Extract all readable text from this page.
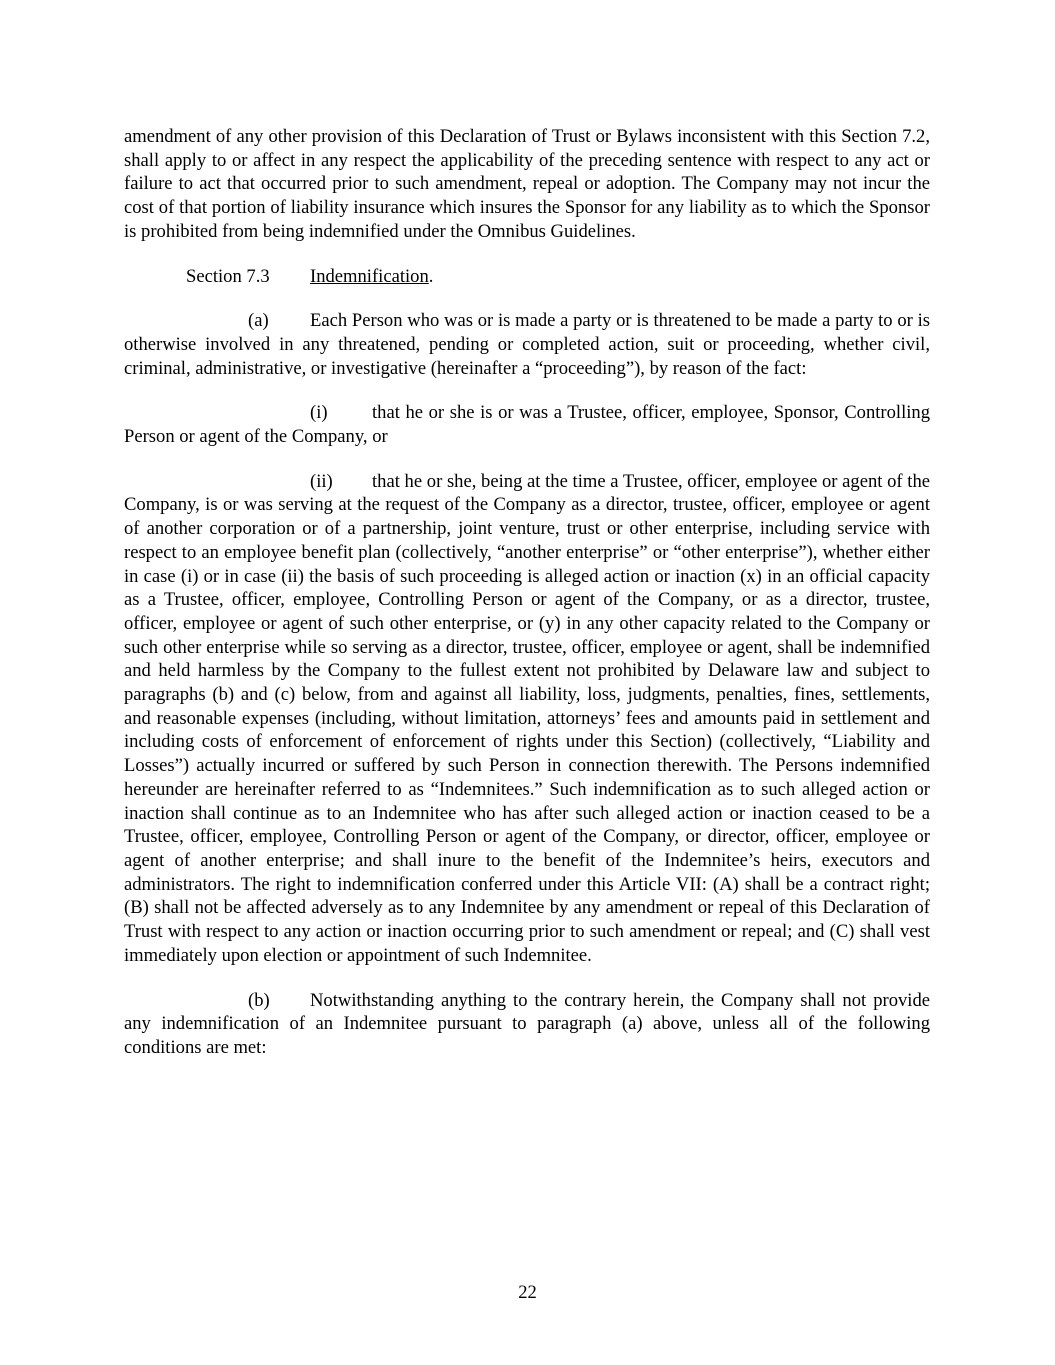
amendment of any other provision of this Declaration of Trust or Bylaws inconsistent with this Section 7.2, shall apply to or affect in any respect the applicability of the preceding sentence with respect to any act or failure to act that occurred prior to such amendment, repeal or adoption. The Company may not incur the cost of that portion of liability insurance which insures the Sponsor for any liability as to which the Sponsor is prohibited from being indemnified under the Omnibus Guidelines.

Section 7.3 Indemnification.

(a) Each Person who was or is made a party or is threatened to be made a party to or is otherwise involved in any threatened, pending or completed action, suit or proceeding, whether civil, criminal, administrative, or investigative (hereinafter a “proceeding”), by reason of the fact:

(i) that he or she is or was a Trustee, officer, employee, Sponsor, Controlling Person or agent of the Company, or

(ii) that he or she, being at the time a Trustee, officer, employee or agent of the Company, is or was serving at the request of the Company as a director, trustee, officer, employee or agent of another corporation or of a partnership, joint venture, trust or other enterprise, including service with respect to an employee benefit plan (collectively, “another enterprise” or “other enterprise”), whether either in case (i) or in case (ii) the basis of such proceeding is alleged action or inaction (x) in an official capacity as a Trustee, officer, employee, Controlling Person or agent of the Company, or as a director, trustee, officer, employee or agent of such other enterprise, or (y) in any other capacity related to the Company or such other enterprise while so serving as a director, trustee, officer, employee or agent, shall be indemnified and held harmless by the Company to the fullest extent not prohibited by Delaware law and subject to paragraphs (b) and (c) below, from and against all liability, loss, judgments, penalties, fines, settlements, and reasonable expenses (including, without limitation, attorneys’ fees and amounts paid in settlement and including costs of enforcement of enforcement of rights under this Section) (collectively, “Liability and Losses”) actually incurred or suffered by such Person in connection therewith. The Persons indemnified hereunder are hereinafter referred to as “Indemnitees.” Such indemnification as to such alleged action or inaction shall continue as to an Indemnitee who has after such alleged action or inaction ceased to be a Trustee, officer, employee, Controlling Person or agent of the Company, or director, officer, employee or agent of another enterprise; and shall inure to the benefit of the Indemnitee’s heirs, executors and administrators. The right to indemnification conferred under this Article VII: (A) shall be a contract right; (B) shall not be affected adversely as to any Indemnitee by any amendment or repeal of this Declaration of Trust with respect to any action or inaction occurring prior to such amendment or repeal; and (C) shall vest immediately upon election or appointment of such Indemnitee.

(b) Notwithstanding anything to the contrary herein, the Company shall not provide any indemnification of an Indemnitee pursuant to paragraph (a) above, unless all of the following conditions are met:

22
